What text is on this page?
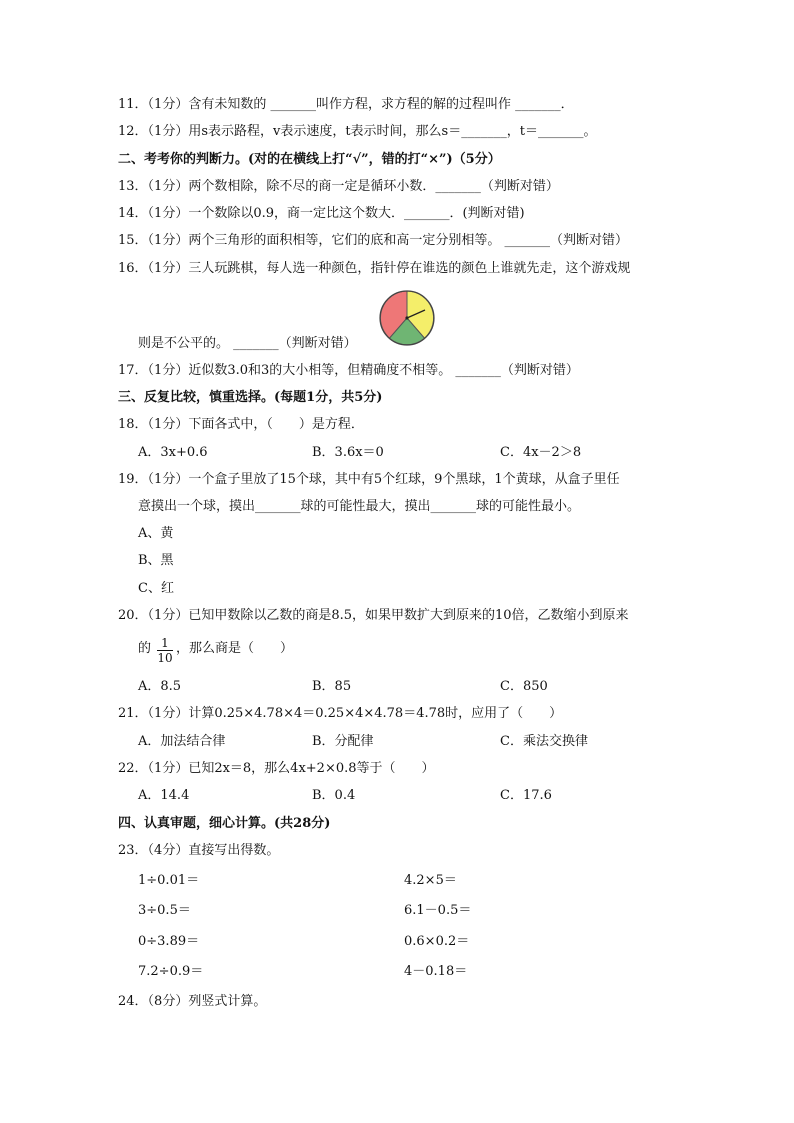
11．（1分）含有未知数的 _______叫作方程，求方程的解的过程叫作 _______．
12．（1分）用s表示路程，v表示速度，t表示时间，那么s＝_______，t＝_______。
二、考考你的判断力。(对的在横线上打“√”，错的打“×”)（5分）
13．（1分）两个数相除，除不尽的商一定是循环小数．_______（判断对错）
14．（1分）一个数除以0.9，商一定比这个数大．_______．(判断对错)
15．（1分）两个三角形的面积相等，它们的底和高一定分别相等。 _______（判断对错）
16．（1分）三人玩跳棋，每人选一种颜色，指针停在谁选的颜色上谁就先走，这个游戏规
则是不公平的。 _______（判断对错）
17．（1分）近似数3.0和3的大小相等，但精确度不相等。 _______（判断对错）
三、反复比较，慎重选择。(每题1分，共5分)
18．（1分）下面各式中，（　　）是方程．
A．3x+0.6	B．3.6x＝0	C．4x－2＞8
19．（1分）一个盒子里放了15个球，其中有5个红球，9个黑球，1个黄球，从盒子里任
意摸出一个球，摸出_______球的可能性最大，摸出_______球的可能性最小。
A、黄
B、黑
C、红
20．（1分）已知甲数除以乙数的商是8.5，如果甲数扩大到原来的10倍，乙数缩小到原来
的 $\frac{1}{10}$ ，那么商是（　　）
A．8.5	B．85	C．850
21．（1分）计算0.25×4.78×4＝0.25×4×4.78＝4.78时，应用了（　　）
A．加法结合律	B．分配律	C．乘法交换律
22．（1分）已知2x＝8，那么4x+2×0.8等于（　　）
A．14.4	B．0.4	C．17.6
四、认真审题，细心计算。(共28分)
23．（4分）直接写出得数。
1÷0.01＝	4.2×5＝
3÷0.5＝	6.1－0.5＝
0÷3.89＝	0.6×0.2＝
7.2÷0.9＝	4－0.18＝
24．（8分）列竖式计算。
